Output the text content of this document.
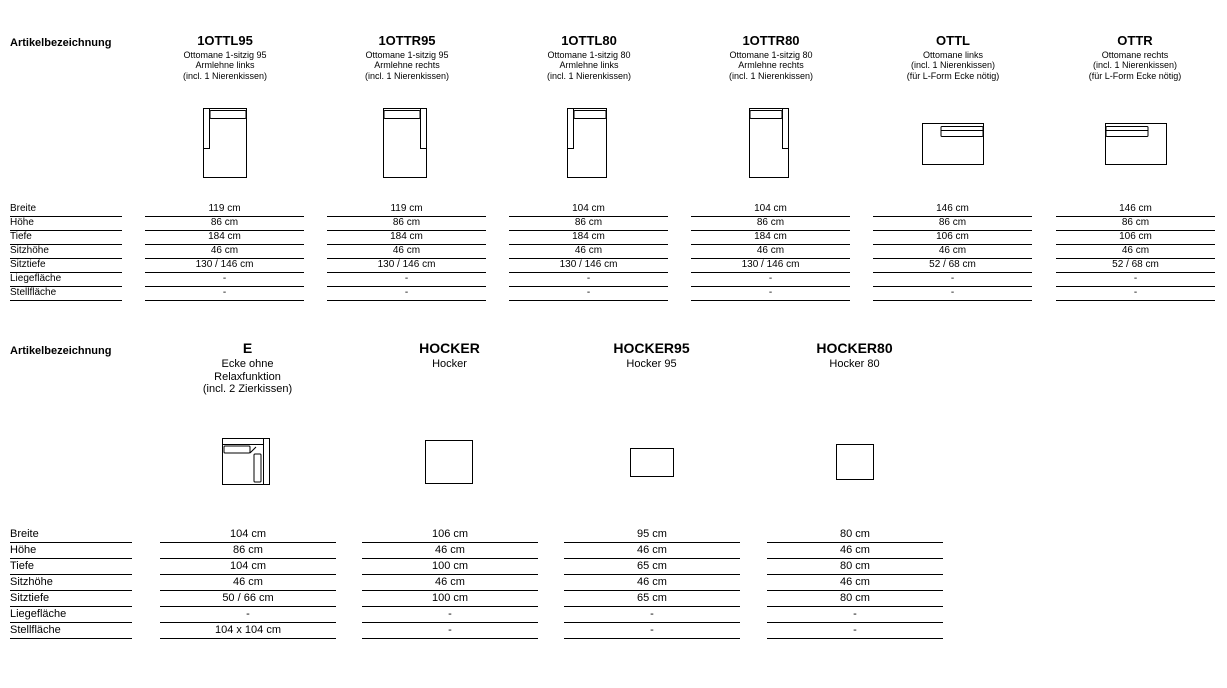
Artikelbezeichnung	1OTTL95
Ottomane 1-sitzig 95
Armlehne links
(incl. 1 Nierenkissen)
1OTTR95
Ottomane 1-sitzig 95
Armlehne rechts
(incl. 1 Nierenkissen)
1OTTL80
Ottomane 1-sitzig 80
Armlehne links
(incl. 1 Nierenkissen)
1OTTR80
Ottomane 1-sitzig 80
Armlehne rechts
(incl. 1 Nierenkissen)
OTTL
Ottomane links
(incl. 1 Nierenkissen)
(für L-Form Ecke nötig)
OTTR
Ottomane rechts
(incl. 1 Nierenkissen)
(für L-Form Ecke nötig)
Breite
Höhe
Tiefe
Sitzhöhe
Sitztiefe
Liegefläche
Stellfläche
119 cm
86 cm
184 cm
46 cm
130 / 146 cm
-
-
119 cm
86 cm
184 cm
46 cm
130 / 146 cm
-
-
104 cm
86 cm
184 cm
46 cm
130 / 146 cm
-
-
104 cm
86 cm
184 cm
46 cm
130 / 146 cm
-
-
146 cm
86 cm
106 cm
46 cm
52 / 68 cm
-
-
146 cm
86 cm
106 cm
46 cm
52 / 68 cm
-
-
Artikelbezeichnung	E
Ecke ohne
Relaxfunktion
(incl. 2 Zierkissen)
HOCKER
Hocker
HOCKER95
Hocker 95
HOCKER80
Hocker 80
Breite
Höhe
Tiefe
Sitzhöhe
Sitztiefe
Liegefläche
Stellfläche
104 cm
86 cm
104 cm
46 cm
50 / 66 cm
-
104 x 104 cm
106 cm
46 cm
100 cm
46 cm
100 cm
-
-
95 cm
46 cm
65 cm
46 cm
65 cm
-
-
80 cm
46 cm
80 cm
46 cm
80 cm
-
-
